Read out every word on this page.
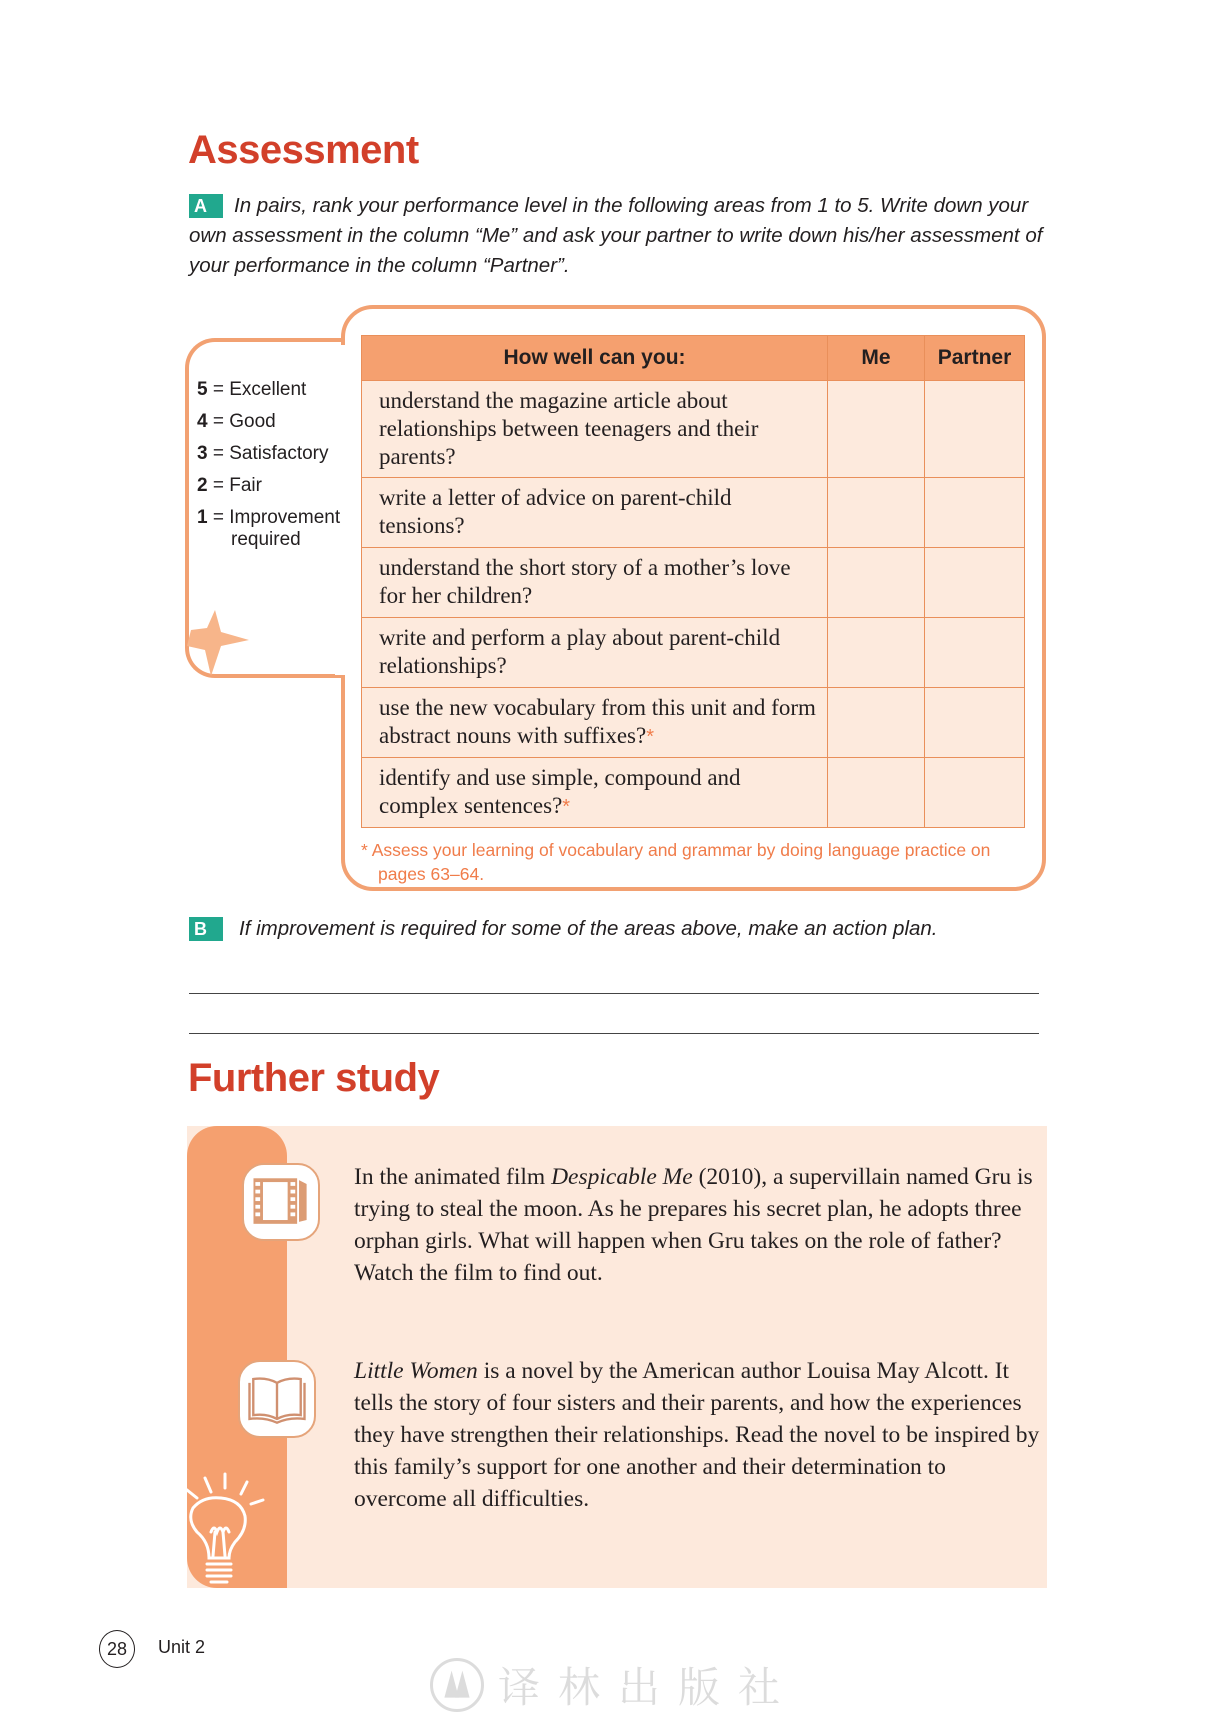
Assessment
A	In pairs, rank your performance level in the following areas from 1 to 5. Write down your own assessment in the column “Me” and ask your partner to write down his/her assessment of your performance in the column “Partner”.

5 = Excellent
4 = Good
3 = Satisfactory
2 = Fair
1 = Improvement
required
How well can you:	Me	Partner
understand the magazine article about relationships between teenagers and their parents?		
write a letter of advice on parent-child tensions?		
understand the short story of a mother’s love for her children?		
write and perform a play about parent-child relationships?		
use the new vocabulary from this unit and form abstract nouns with suffixes?*		
identify and use simple, compound and complex sentences?*		

* Assess your learning of vocabulary and grammar by doing language practice on pages 63–64.

B	If improvement is required for some of the areas above, make an action plan.

Further study

In the animated film Despicable Me (2010), a supervillain named Gru is trying to steal the moon. As he prepares his secret plan, he adopts three orphan girls. What will happen when Gru takes on the role of father? Watch the film to find out.

Little Women is a novel by the American author Louisa May Alcott. It tells the story of four sisters and their parents, and how the experiences they have strengthen their relationships. Read the novel to be inspired by this family’s support for one another and their determination to overcome all difficulties.

28	Unit 2
译林出版社
